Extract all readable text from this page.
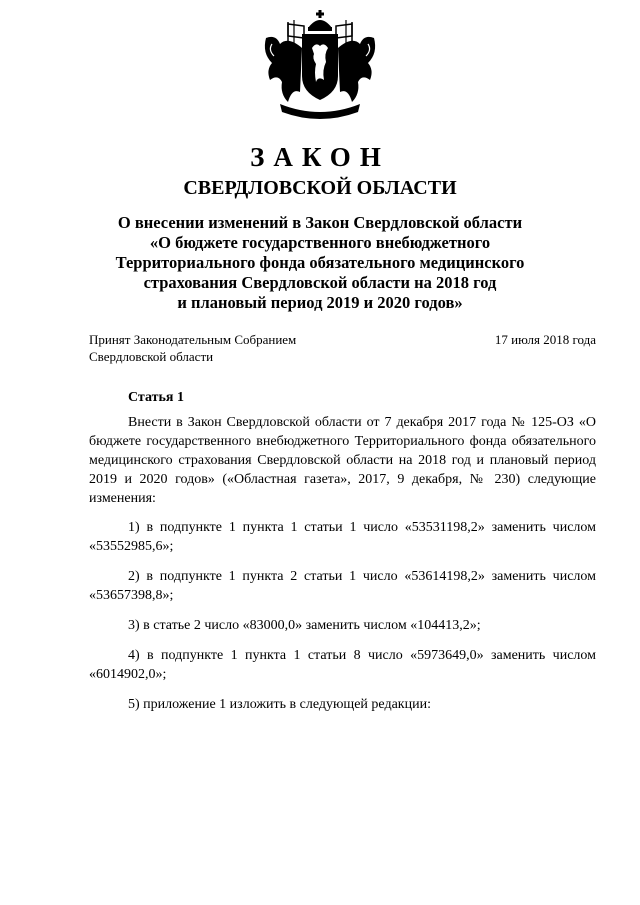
ЗАКОН
СВЕРДЛОВСКОЙ ОБЛАСТИ
О внесении изменений в Закон Свердловской области
«О бюджете государственного внебюджетного
Территориального фонда обязательного медицинского
страхования Свердловской области на 2018 год
и плановый период 2019 и 2020 годов»
Принят Законодательным Собранием
Свердловской области
17 июля 2018 года
Статья 1

Внести в Закон Свердловской области от 7 декабря 2017 года № 125-ОЗ «О бюджете государственного внебюджетного Территориального фонда обязательного медицинского страхования Свердловской области на 2018 год и плановый период 2019 и 2020 годов» («Областная газета», 2017, 9 декабря, № 230) следующие изменения:

1) в подпункте 1 пункта 1 статьи 1 число «53531198,2» заменить числом «53552985,6»;

2) в подпункте 1 пункта 2 статьи 1 число «53614198,2» заменить числом «53657398,8»;

3) в статье 2 число «83000,0» заменить числом «104413,2»;

4) в подпункте 1 пункта 1 статьи 8 число «5973649,0» заменить числом «6014902,0»;

5) приложение 1 изложить в следующей редакции:
